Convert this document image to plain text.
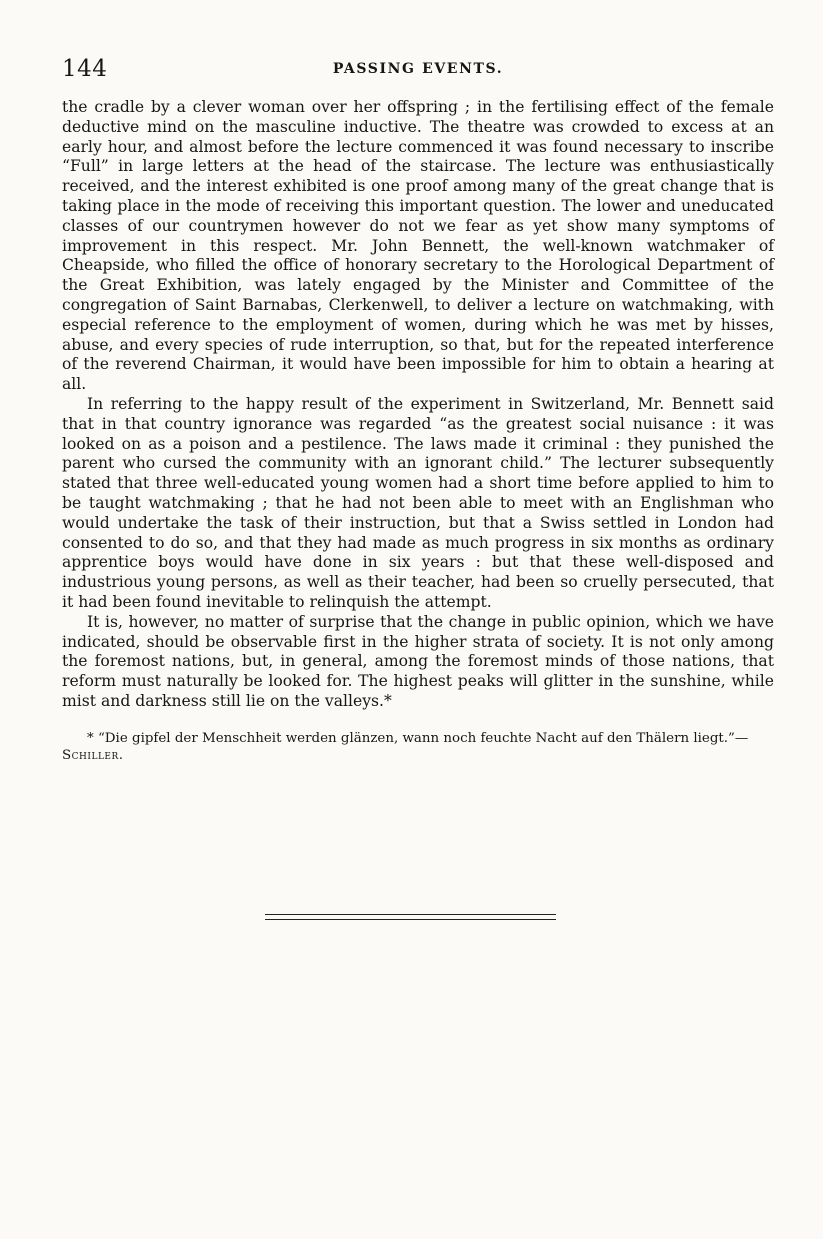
144	PASSING EVENTS.

the cradle by a clever woman over her offspring ; in the fertilising effect of the female deductive mind on the masculine inductive. The theatre was crowded to excess at an early hour, and almost before the lecture commenced it was found necessary to inscribe “Full” in large letters at the head of the staircase. The lecture was enthusiastically received, and the interest exhibited is one proof among many of the great change that is taking place in the mode of receiving this important question. The lower and uneducated classes of our countrymen however do not we fear as yet show many symptoms of improvement in this respect. Mr. John Bennett, the well-known watchmaker of Cheapside, who filled the office of honorary secretary to the Horological Department of the Great Exhibition, was lately engaged by the Minister and Committee of the congregation of Saint Barnabas, Clerkenwell, to deliver a lecture on watchmaking, with especial reference to the employment of women, during which he was met by hisses, abuse, and every species of rude interruption, so that, but for the repeated interference of the reverend Chairman, it would have been impossible for him to obtain a hearing at all.

In referring to the happy result of the experiment in Switzerland, Mr. Bennett said that in that country ignorance was regarded “as the greatest social nuisance : it was looked on as a poison and a pestilence. The laws made it criminal : they punished the parent who cursed the community with an ignorant child.” The lecturer subsequently stated that three well-educated young women had a short time before applied to him to be taught watchmaking ; that he had not been able to meet with an Englishman who would undertake the task of their instruction, but that a Swiss settled in London had consented to do so, and that they had made as much progress in six months as ordinary apprentice boys would have done in six years : but that these well-disposed and industrious young persons, as well as their teacher, had been so cruelly persecuted, that it had been found inevitable to relinquish the attempt.

It is, however, no matter of surprise that the change in public opinion, which we have indicated, should be observable first in the higher strata of society. It is not only among the foremost nations, but, in general, among the foremost minds of those nations, that reform must naturally be looked for. The highest peaks will glitter in the sunshine, while mist and darkness still lie on the valleys.*

* “Die gipfel der Menschheit werden glänzen, wann noch feuchte Nacht auf den Thälern liegt.”—Schiller.
